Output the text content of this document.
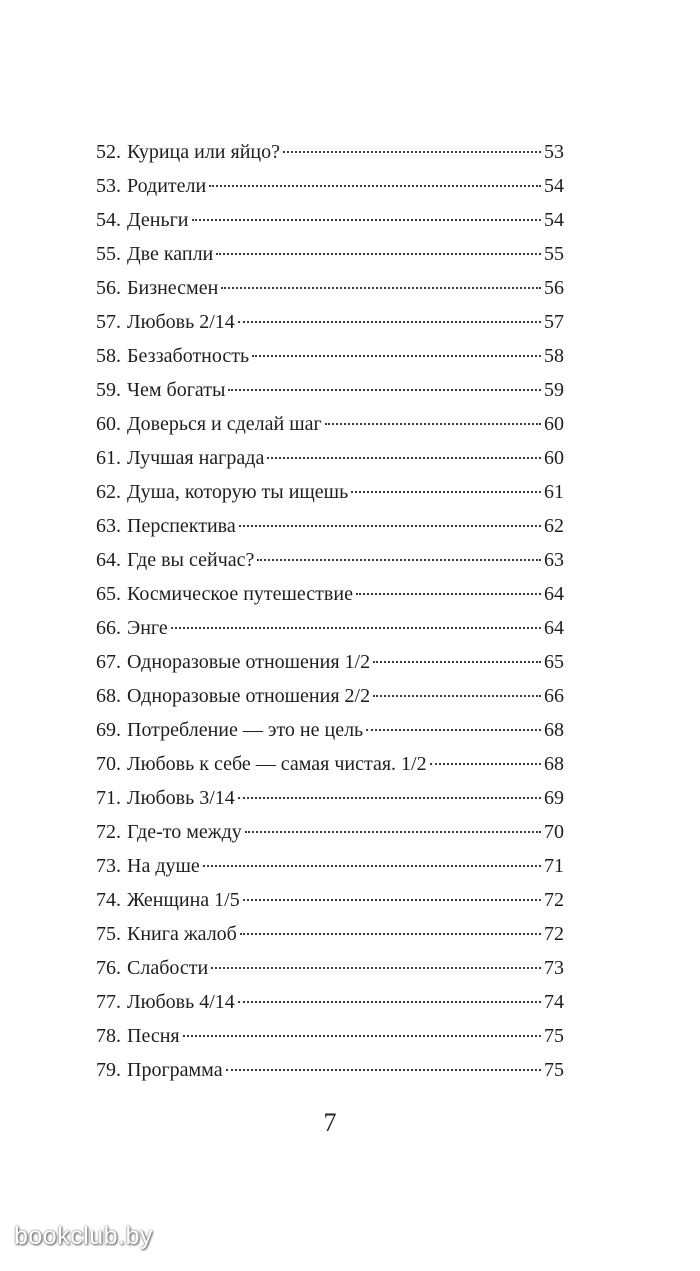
52. Курица или яйцо?	53
53. Родители	54
54. Деньги	54
55. Две капли	55
56. Бизнесмен	56
57. Любовь 2/14	57
58. Беззаботность	58
59. Чем богаты	59
60. Доверься и сделай шаг	60
61. Лучшая награда	60
62. Душа, которую ты ищешь	61
63. Перспектива	62
64. Где вы сейчас?	63
65. Космическое путешествие	64
66. Энге	64
67. Одноразовые отношения 1/2	65
68. Одноразовые отношения 2/2	66
69. Потребление — это не цель	68
70. Любовь к себе — самая чистая. 1/2	68
71. Любовь 3/14	69
72. Где-то между	70
73. На душе	71
74. Женщина 1/5	72
75. Книга жалоб	72
76. Слабости	73
77. Любовь 4/14	74
78. Песня	75
79. Программа	75
7
bookclub.by
